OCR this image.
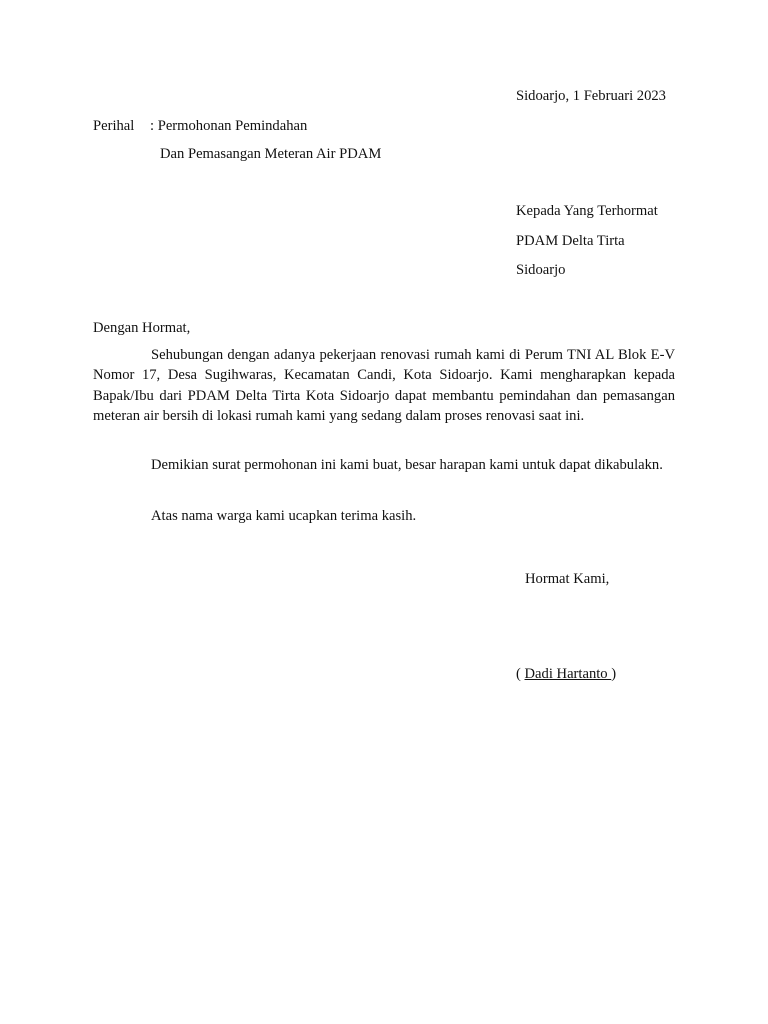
Sidoarjo, 1 Februari 2023
Perihal : Permohonan Pemindahan
Dan Pemasangan Meteran Air PDAM
Kepada Yang Terhormat
PDAM Delta Tirta
Sidoarjo
Dengan Hormat,

Sehubungan dengan adanya pekerjaan renovasi rumah kami di Perum TNI AL Blok E-V Nomor 17, Desa Sugihwaras, Kecamatan Candi, Kota Sidoarjo. Kami mengharapkan kepada Bapak/Ibu dari PDAM Delta Tirta Kota Sidoarjo dapat membantu pemindahan dan pemasangan meteran air bersih di lokasi rumah kami yang sedang dalam proses renovasi saat ini.

Demikian surat permohonan ini kami buat, besar harapan kami untuk dapat dikabulakn.

Atas nama warga kami ucapkan terima kasih.

Hormat Kami,
( Dadi Hartanto )
